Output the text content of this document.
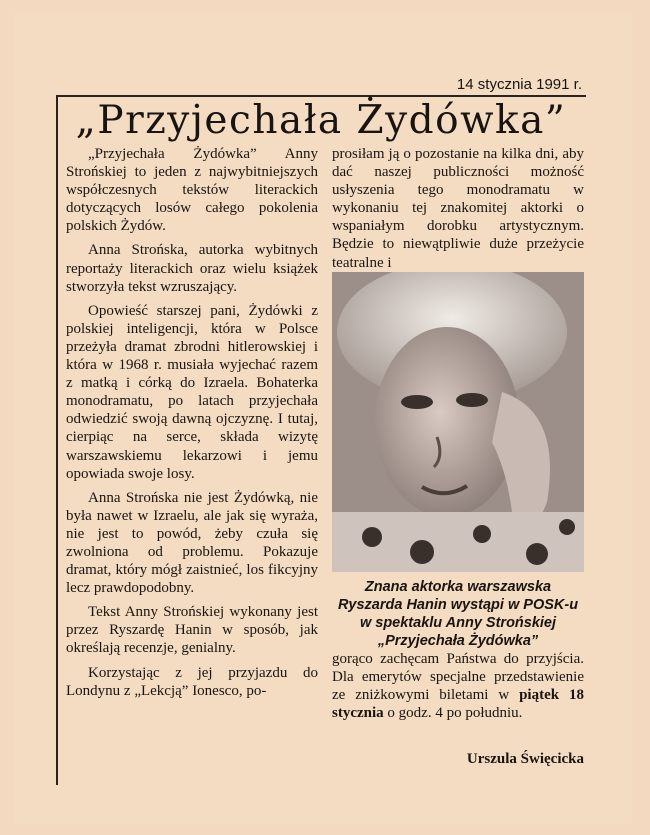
14 stycznia 1991 r.
„Przyjechała Żydówka”

„Przyjechała Żydówka” Anny Strońskiej to jeden z najwybitniejszych współczesnych tekstów literackich dotyczących losów całego pokolenia polskich Żydów.

Anna Strońska, autorka wybitnych reportaży literackich oraz wielu książek stworzyła tekst wzruszający.

Opowieść starszej pani, Żydówki z polskiej inteligencji, która w Polsce przeżyła dramat zbrodni hitlerowskiej i która w 1968 r. musiała wyjechać razem z matką i córką do Izraela. Bohaterka monodramatu, po latach przyjechała odwiedzić swoją dawną ojczyznę. I tutaj, cierpiąc na serce, składa wizytę warszawskiemu lekarzowi i jemu opowiada swoje losy.

Anna Strońska nie jest Żydówką, nie była nawet w Izraelu, ale jak się wyraża, nie jest to powód, żeby czuła się zwolniona od problemu. Pokazuje dramat, który mógł zaistnieć, los fikcyjny lecz prawdopodobny.

Tekst Anny Strońskiej wykonany jest przez Ryszardę Hanin w sposób, jak określają recenzje, genialny.

Korzystając z jej przyjazdu do Londynu z „Lekcją” Ionesco, po-

prosiłam ją o pozostanie na kilka dni, aby dać naszej publiczności możność usłyszenia tego monodramatu w wykonaniu tej znakomitej aktorki o wspaniałym dorobku artystycznym. Będzie to niewątpliwie duże przeżycie teatralne i

Znana aktorka warszawska Ryszarda Hanin wystąpi w POSK-u w spektaklu Anny Strońskiej „Przyjechała Żydówka”

gorąco zachęcam Państwa do przyjścia. Dla emerytów specjalne przedstawienie ze zniżkowymi biletami w piątek 18 stycznia o godz. 4 po południu.

Urszula Święcicka
